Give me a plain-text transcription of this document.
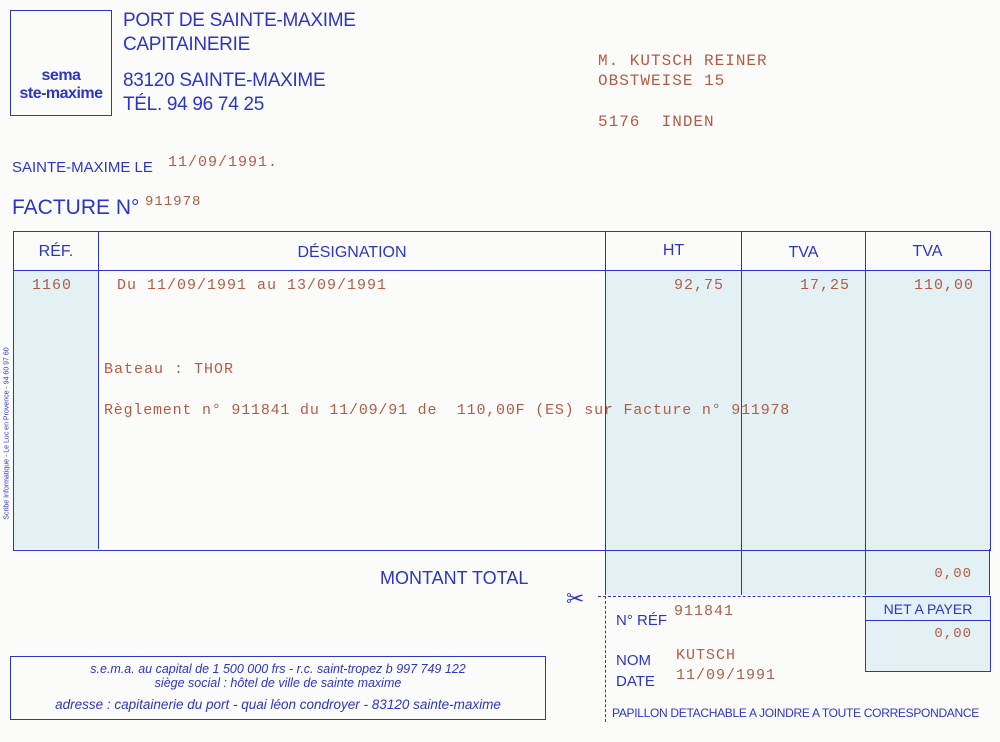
sema
ste-maxime
PORT DE SAINTE-MAXIME
CAPITAINERIE
83120 SAINTE-MAXIME
TÉL. 94 96 74 25
M. KUTSCH REINER
OBSTWEISE 15
5176  INDEN
SAINTE-MAXIME LE 11/09/1991.
FACTURE N° 911978
Scribe Informatique - Le Luc en Provence - 94 60 97 60
RÉF.	DÉSIGNATION	HT	TVA	TVA
1160	Du 11/09/1991 au 13/09/1991	92,75	17,25	110,00
Bateau : THOR
Règlement n° 911841 du 11/09/91 de  110,00F (ES) sur Facture n° 911978
MONTANT TOTAL	0,00
✂	NET A PAYER
0,00
N° RÉF
911841
NOM KUTSCH
DATE 11/09/1991
PAPILLON DETACHABLE A JOINDRE A TOUTE CORRESPONDANCE
s.e.m.a. au capital de 1 500 000 frs - r.c. saint-tropez b 997 749 122
siège social : hôtel de ville de sainte maxime
adresse : capitainerie du port - quai léon condroyer - 83120 sainte-maxime
